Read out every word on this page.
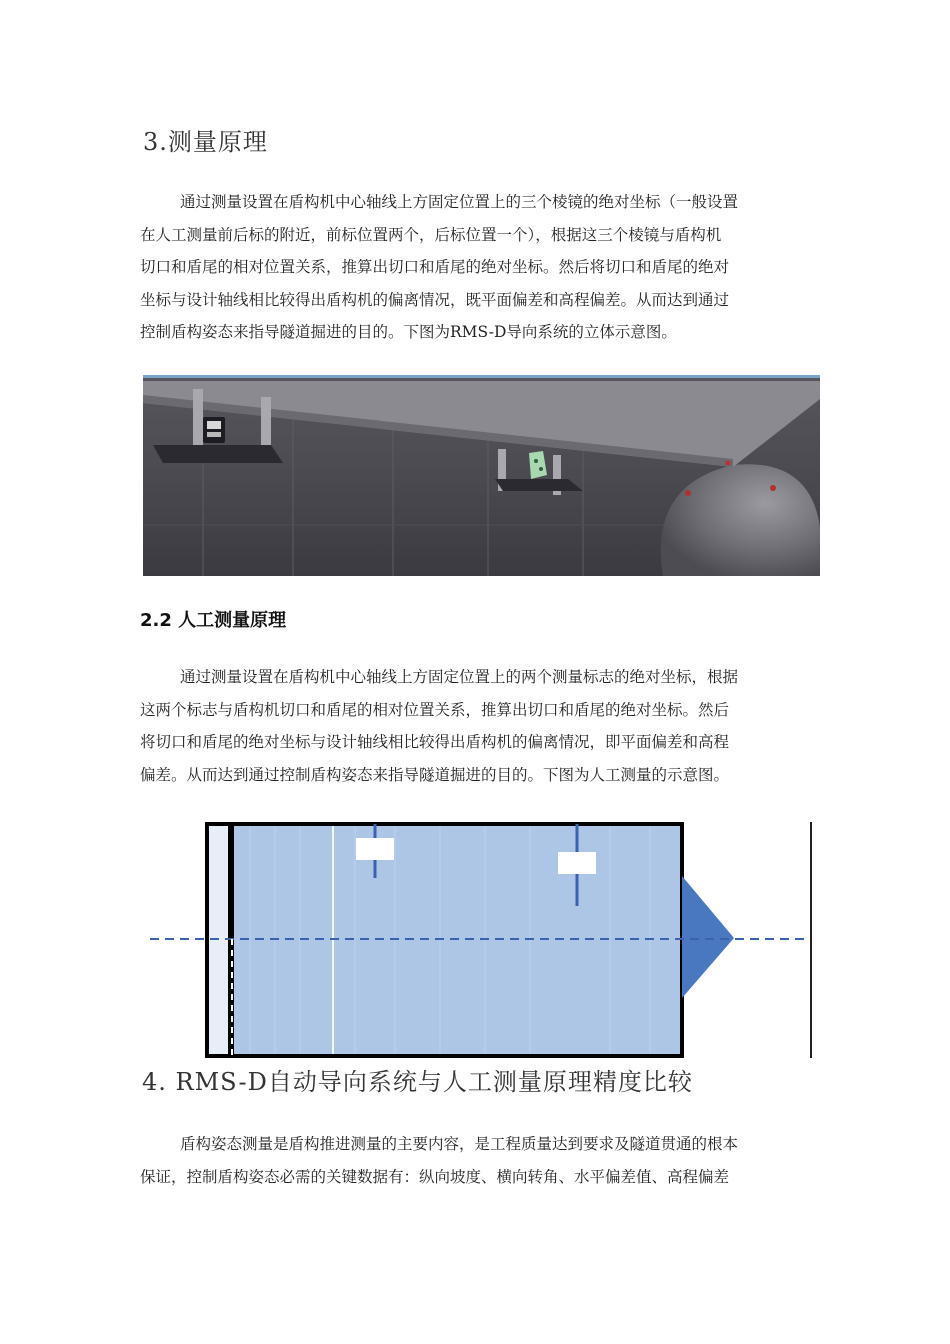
3.测量原理
通过测量设置在盾构机中心轴线上方固定位置上的三个棱镜的绝对坐标（一般设置
在人工测量前后标的附近，前标位置两个，后标位置一个），根据这三个棱镜与盾构机
切口和盾尾的相对位置关系，推算出切口和盾尾的绝对坐标。然后将切口和盾尾的绝对
坐标与设计轴线相比较得出盾构机的偏离情况，既平面偏差和高程偏差。从而达到通过
控制盾构姿态来指导隧道掘进的目的。下图为RMS-D导向系统的立体示意图。
2.2 人工测量原理
通过测量设置在盾构机中心轴线上方固定位置上的两个测量标志的绝对坐标，根据
这两个标志与盾构机切口和盾尾的相对位置关系，推算出切口和盾尾的绝对坐标。然后
将切口和盾尾的绝对坐标与设计轴线相比较得出盾构机的偏离情况，即平面偏差和高程
偏差。从而达到通过控制盾构姿态来指导隧道掘进的目的。下图为人工测量的示意图。
4. RMS-D自动导向系统与人工测量原理精度比较
盾构姿态测量是盾构推进测量的主要内容，是工程质量达到要求及隧道贯通的根本
保证，控制盾构姿态必需的关键数据有：纵向坡度、横向转角、水平偏差值、高程偏差
